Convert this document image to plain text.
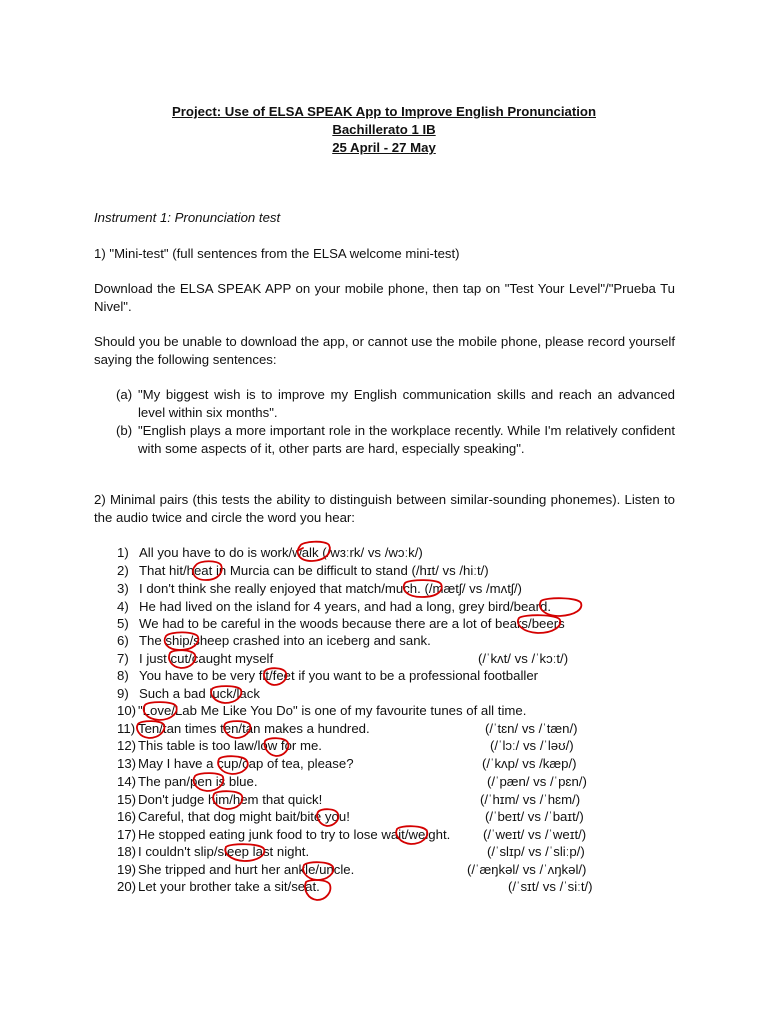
Project: Use of ELSA SPEAK App to Improve English Pronunciation
Bachillerato 1 IB
25 April - 27 May
Instrument 1: Pronunciation test
1) "Mini-test" (full sentences from the ELSA welcome mini-test)
Download the ELSA SPEAK APP on your mobile phone, then tap on "Test Your Level"/"Prueba Tu Nivel".
Should you be unable to download the app, or cannot use the mobile phone, please record yourself saying the following sentences:
(a) "My biggest wish is to improve my English communication skills and reach an advanced level within six months".
(b) "English plays a more important role in the workplace recently. While I'm relatively confident with some aspects of it, other parts are hard, especially speaking".
2) Minimal pairs (this tests the ability to distinguish between similar-sounding phonemes). Listen to the audio twice and circle the word you hear:
1) All you have to do is work/walk (/wɜːrk/ vs /wɔːk/)
2) That hit/heat in Murcia can be difficult to stand (/hɪt/ vs /hiːt/)
3) I don't think she really enjoyed that match/much. (/mætʃ/ vs /mʌtʃ/)
4) He had lived on the island for 4 years, and had a long, grey bird/beard.
5) We had to be careful in the woods because there are a lot of bears/beers
6) The ship/sheep crashed into an iceberg and sank.
7) I just cut/caught myself	(/ˈkʌt/ vs /ˈkɔːt/)
8) You have to be very fit/feet if you want to be a professional footballer
9) Such a bad luck/lack
10) "Love/Lab Me Like You Do" is one of my favourite tunes of all time.
11) Ten/tan times ten/tan makes a hundred.	(/ˈtɛn/ vs /ˈtæn/)
12) This table is too law/low for me.	(/ˈlɔː/ vs /ˈləʊ/)
13) May I have a cup/cap of tea, please?	(/ˈkʌp/ vs /kæp/)
14) The pan/pen is blue.	(/ˈpæn/ vs /ˈpɛn/)
15) Don't judge him/hem that quick!	(/ˈhɪm/ vs /ˈhɛm/)
16) Careful, that dog might bait/bite you!	(/ˈbeɪt/ vs /ˈbaɪt/)
17) He stopped eating junk food to try to lose wait/weight. (/ˈweɪt/ vs /ˈweɪt/)
18) I couldn't slip/sleep last night.	(/ˈslɪp/ vs /ˈsliːp/)
19) She tripped and hurt her ankle/uncle.	(/ˈæŋkəl/ vs /ˈʌŋkəl/)
20) Let your brother take a sit/seat.	(/ˈsɪt/ vs /ˈsiːt/)
